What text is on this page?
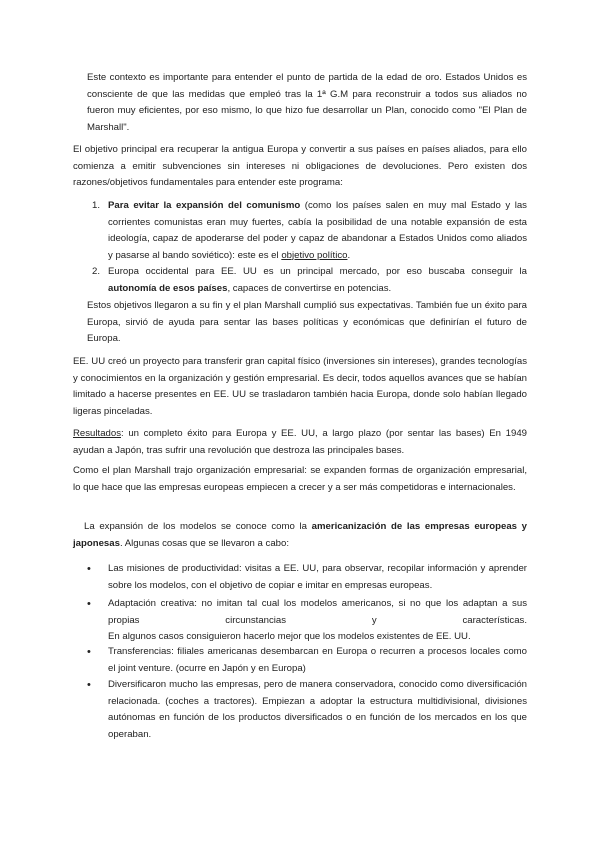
Este contexto es importante para entender el punto de partida de la edad de oro. Estados Unidos es consciente de que las medidas que empleó tras la 1ª G.M para reconstruir a todos sus aliados no fueron muy eficientes, por eso mismo, lo que hizo fue desarrollar un Plan, conocido como "El Plan de Marshall".

El objetivo principal era recuperar la antigua Europa y convertir a sus países en países aliados, para ello comienza a emitir subvenciones sin intereses ni obligaciones de devoluciones. Pero existen dos razones/objetivos fundamentales para entender este programa:

1. Para evitar la expansión del comunismo (como los países salen en muy mal Estado y las corrientes comunistas eran muy fuertes, cabía la posibilidad de una notable expansión de esta ideología, capaz de apoderarse del poder y capaz de abandonar a Estados Unidos como aliados y pasarse al bando soviético): este es el objetivo político.

2. Europa occidental para EE. UU es un principal mercado, por eso buscaba conseguir la autonomía de esos países, capaces de convertirse en potencias.

Estos objetivos llegaron a su fin y el plan Marshall cumplió sus expectativas. También fue un éxito para Europa, sirvió de ayuda para sentar las bases políticas y económicas que definirían el futuro de Europa.

EE. UU creó un proyecto para transferir gran capital físico (inversiones sin intereses), grandes tecnologías y conocimientos en la organización y gestión empresarial. Es decir, todos aquellos avances que se habían limitado a hacerse presentes en EE. UU se trasladaron también hacia Europa, donde solo habían llegado ligeras pinceladas.

Resultados: un completo éxito para Europa y EE. UU, a largo plazo (por sentar las bases) En 1949 ayudan a Japón, tras sufrir una revolución que destroza las principales bases.

Como el plan Marshall trajo organización empresarial: se expanden formas de organización empresarial, lo que hace que las empresas europeas empiecen a crecer y a ser más competidoras e internacionales.

La expansión de los modelos se conoce como la americanización de las empresas europeas y japonesas. Algunas cosas que se llevaron a cabo:

• Las misiones de productividad: visitas a EE. UU, para observar, recopilar información y aprender sobre los modelos, con el objetivo de copiar e imitar en empresas europeas.

• Adaptación creativa: no imitan tal cual los modelos americanos, si no que los adaptan a sus propias circunstancias y características.

En algunos casos consiguieron hacerlo mejor que los modelos existentes de EE. UU.

• Transferencias: filiales americanas desembarcan en Europa o recurren a procesos locales como el joint venture. (ocurre en Japón y en Europa)

• Diversificaron mucho las empresas, pero de manera conservadora, conocido como diversificación relacionada. (coches a tractores). Empiezan a adoptar la estructura multidivisional, divisiones autónomas en función de los productos diversificados o en función de los mercados en los que operaban.
